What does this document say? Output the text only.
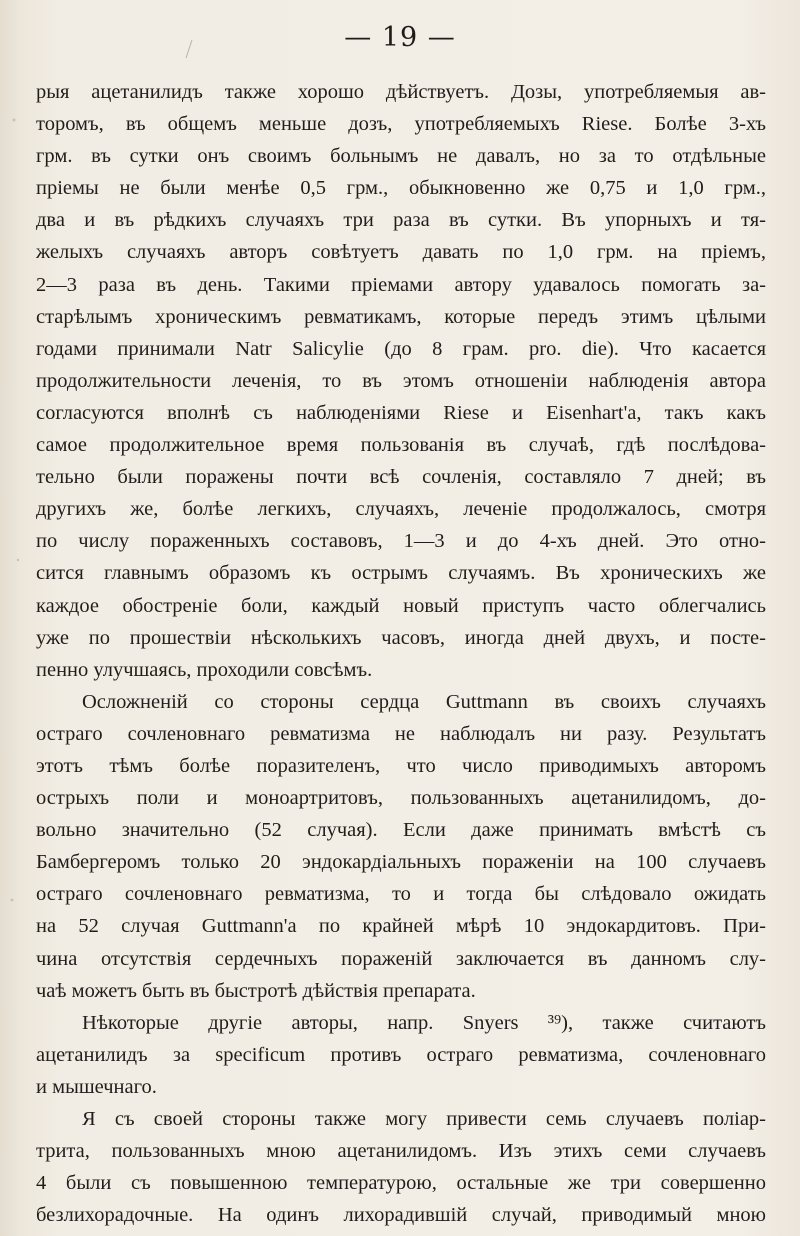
— 19 —
рыя ацетанилидъ также хорошо дѣйствуетъ. Дозы, употребляемыя ав-
торомъ, въ общемъ меньше дозъ, употребляемыхъ Riese. Болѣе 3-хъ
грм. въ сутки онъ своимъ больнымъ не давалъ, но за то отдѣльные
пріемы не были менѣе 0,5 грм., обыкновенно же 0,75 и 1,0 грм.,
два и въ рѣдкихъ случаяхъ три раза въ сутки. Въ упорныхъ и тя-
желыхъ случаяхъ авторъ совѣтуетъ давать по 1,0 грм. на пріемъ,
2—3 раза въ день. Такими пріемами автору удавалось помогать за-
старѣлымъ хроническимъ ревматикамъ, которые передъ этимъ цѣлыми
годами принимали Natr Salicylie (до 8 грам. pro. die). Что касается
продолжительности леченія, то въ этомъ отношеніи наблюденія автора
согласуются вполнѣ съ наблюденіями Riese и Eisenhart'a, такъ какъ
самое продолжительное время пользованія въ случаѣ, гдѣ послѣдова-
тельно были поражены почти всѣ сочленія, составляло 7 дней; въ
другихъ же, болѣе легкихъ, случаяхъ, леченіе продолжалось, смотря
по числу пораженныхъ составовъ, 1—3 и до 4-хъ дней. Это отно-
сится главнымъ образомъ къ острымъ случаямъ. Въ хроническихъ же
каждое обостреніе боли, каждый новый приступъ часто облегчались
уже по прошествіи нѣсколькихъ часовъ, иногда дней двухъ, и посте-
пенно улучшаясь, проходили совсѣмъ.
Осложненій со стороны сердца Guttmann въ своихъ случаяхъ
остраго сочленовнаго ревматизма не наблюдалъ ни разу. Результатъ
этотъ тѣмъ болѣе поразителенъ, что число приводимыхъ авторомъ
острыхъ поли и моноартритовъ, пользованныхъ ацетанилидомъ, до-
вольно значительно (52 случая). Если даже принимать вмѣстѣ съ
Бамбергеромъ только 20 эндокардіальныхъ пораженіи на 100 случаевъ
остраго сочленовнаго ревматизма, то и тогда бы слѣдовало ожидать
на 52 случая Guttmann'a по крайней мѣрѣ 10 эндокардитовъ. При-
чина отсутствія сердечныхъ пораженій заключается въ данномъ слу-
чаѣ можетъ быть въ быстротѣ дѣйствія препарата.
Нѣкоторые другіе авторы, напр. Snyers ³⁹), также считаютъ
ацетанилидъ за specificum противъ остраго ревматизма, сочленовнаго
и мышечнаго.
Я съ своей стороны также могу привести семь случаевъ поліар-
трита, пользованныхъ мною ацетанилидомъ. Изъ этихъ семи случаевъ
4 были съ повышенною температурою, остальные же три совершенно
безлихорадочные. На одинъ лихорадившій случай, приводимый мною
